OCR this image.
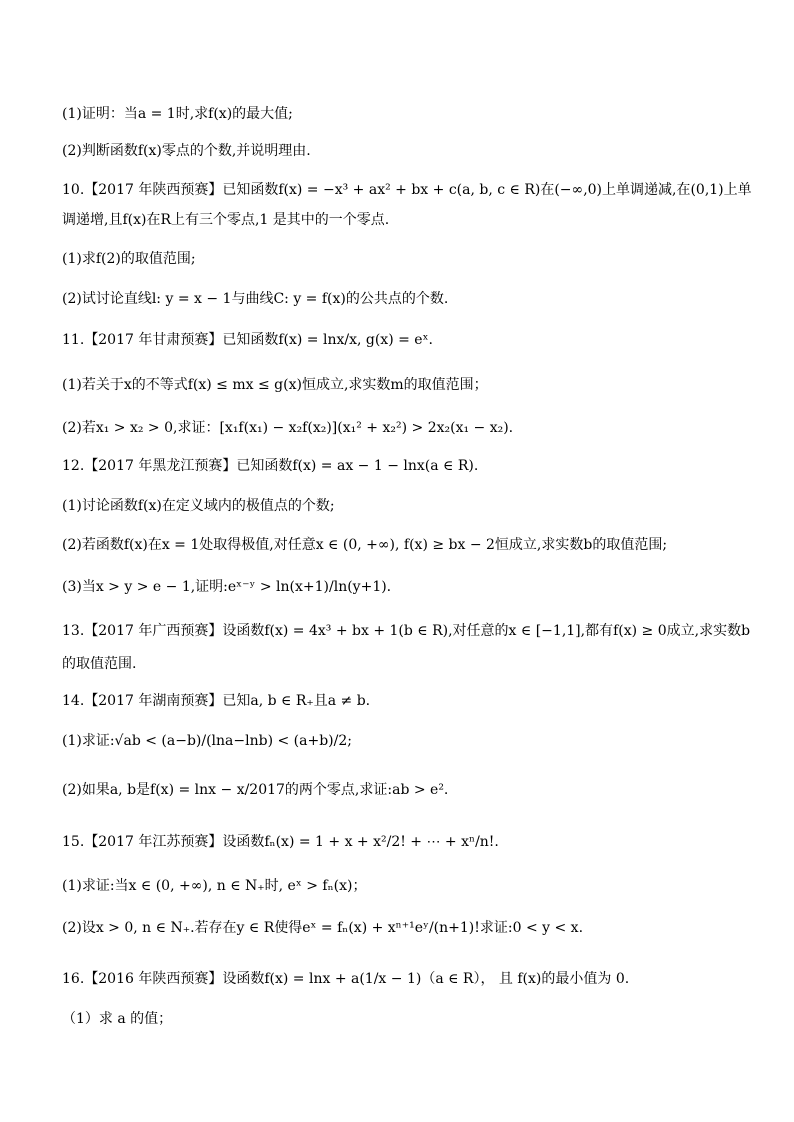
(1)证明：当a = 1时,求f(x)的最大值;
(2)判断函数f(x)零点的个数,并说明理由.
10.【2017 年陕西预赛】已知函数f(x) = −x³ + ax² + bx + c(a, b, c ∈ R)在(−∞,0)上单调递减,在(0,1)上单
调递增,且f(x)在R上有三个零点,1 是其中的一个零点.
(1)求f(2)的取值范围;
(2)试讨论直线l: y = x − 1与曲线C: y = f(x)的公共点的个数.
11.【2017 年甘肃预赛】已知函数f(x) = lnx/x, g(x) = eˣ.
(1)若关于x的不等式f(x) ≤ mx ≤ g(x)恒成立,求实数m的取值范围；
(2)若x₁ > x₂ > 0,求证：[x₁f(x₁) − x₂f(x₂)](x₁² + x₂²) > 2x₂(x₁ − x₂).
12.【2017 年黑龙江预赛】已知函数f(x) = ax − 1 − lnx(a ∈ R).
(1)讨论函数f(x)在定义域内的极值点的个数;
(2)若函数f(x)在x = 1处取得极值,对任意x ∈ (0, +∞), f(x) ≥ bx − 2恒成立,求实数b的取值范围;
(3)当x > y > e − 1,证明:eˣ⁻ʸ > ln(x+1)/ln(y+1).
13.【2017 年广西预赛】设函数f(x) = 4x³ + bx + 1(b ∈ R),对任意的x ∈ [−1,1],都有f(x) ≥ 0成立,求实数b
的取值范围.
14.【2017 年湖南预赛】已知a, b ∈ R₊且a ≠ b.
(1)求证:√ab < (a−b)/(lna−lnb) < (a+b)/2;
(2)如果a, b是f(x) = lnx − x/2017的两个零点,求证:ab > e².
15.【2017 年江苏预赛】设函数fₙ(x) = 1 + x + x²/2! + ⋯ + xⁿ/n!.
(1)求证:当x ∈ (0, +∞), n ∈ N₊时, eˣ > fₙ(x)；
(2)设x > 0, n ∈ N₊.若存在y ∈ R使得eˣ = fₙ(x) + xⁿ⁺¹eʸ/(n+1)!求证:0 < y < x.
16.【2016 年陕西预赛】设函数f(x) = lnx + a(1/x − 1)（a ∈ R）， 且 f(x)的最小值为 0.
（1）求 a 的值；
